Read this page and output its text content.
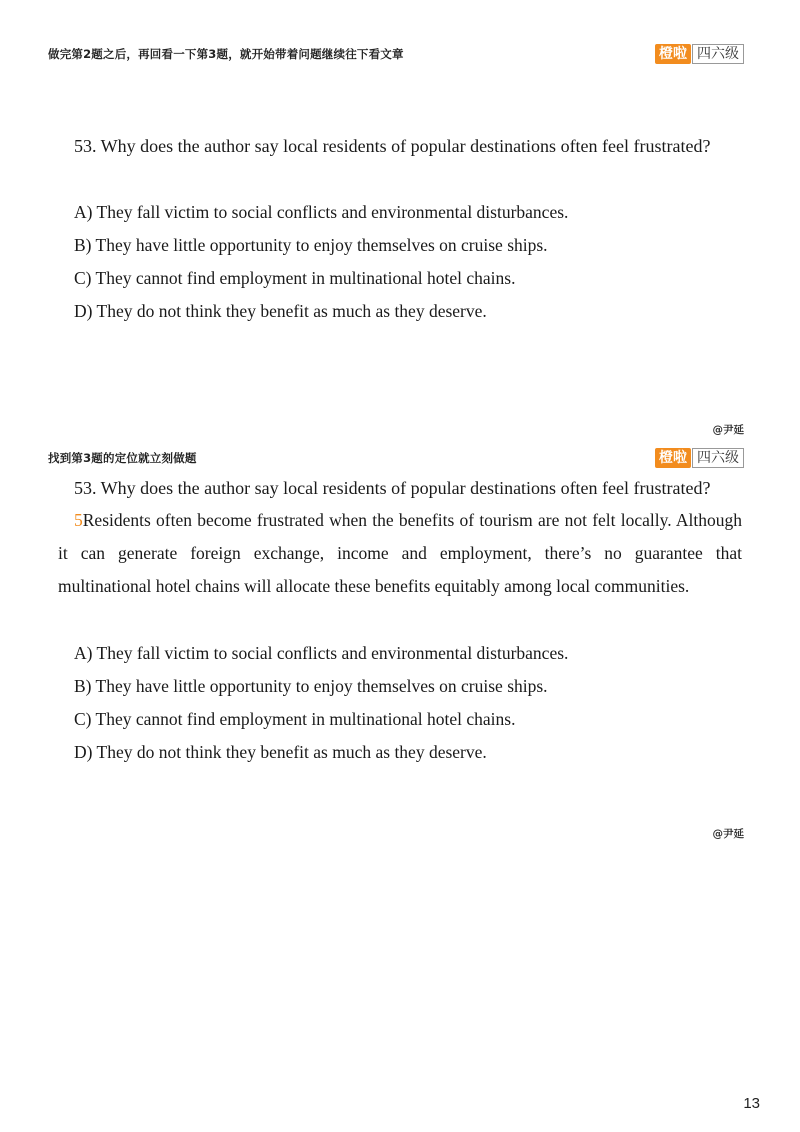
做完第2题之后，再回看一下第3题，就开始带着问题继续往下看文章	橙啦 四六级

53. Why does the author say local residents of popular destinations often feel frustrated?

A) They fall victim to social conflicts and environmental disturbances.
B) They have little opportunity to enjoy themselves on cruise ships.
C) They cannot find employment in multinational hotel chains.
D) They do not think they benefit as much as they deserve.
@尹延
找到第3题的定位就立刻做题	橙啦 四六级

53. Why does the author say local residents of popular destinations often feel frustrated?

5Residents often become frustrated when the benefits of tourism are not felt locally. Although it can generate foreign exchange, income and employment, there’s no guarantee that multinational hotel chains will allocate these benefits equitably among local communities.

A) They fall victim to social conflicts and environmental disturbances.
B) They have little opportunity to enjoy themselves on cruise ships.
C) They cannot find employment in multinational hotel chains.
D) They do not think they benefit as much as they deserve.
@尹延
13
